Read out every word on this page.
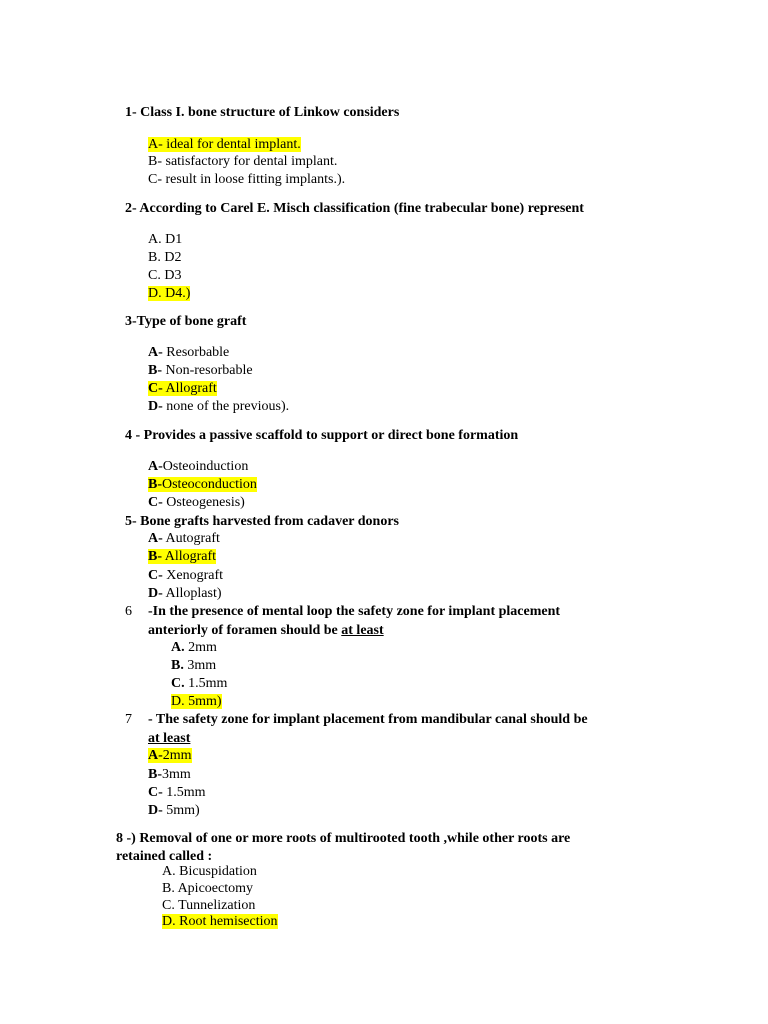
1- Class I. bone structure of Linkow considers
A- ideal for dental implant.
B- satisfactory for dental implant.
C- result in loose fitting implants.).
2- According to Carel E. Misch classification (fine trabecular bone) represent
A. D1
B. D2
C. D3
D. D4.)
3-Type of bone graft
A- Resorbable
B- Non-resorbable
C- Allograft
D- none of the previous).
4 - Provides a passive scaffold to support or direct bone formation
A-Osteoinduction
B-Osteoconduction
C- Osteogenesis)
5- Bone grafts harvested from cadaver donors
A- Autograft
B- Allograft
C- Xenograft
D- Alloplast)
6 -In the presence of mental loop the safety zone for implant placement
anteriorly of foramen should be at least
A. 2mm
B. 3mm
C. 1.5mm
D. 5mm)
7 - The safety zone for implant placement from mandibular canal should be
at least
A-2mm
B-3mm
C- 1.5mm
D- 5mm)
8 -) Removal of one or more roots of multirooted tooth ,while other roots are
retained called :
A. Bicuspidation
B. Apicoectomy
C. Tunnelization
D. Root hemisection
